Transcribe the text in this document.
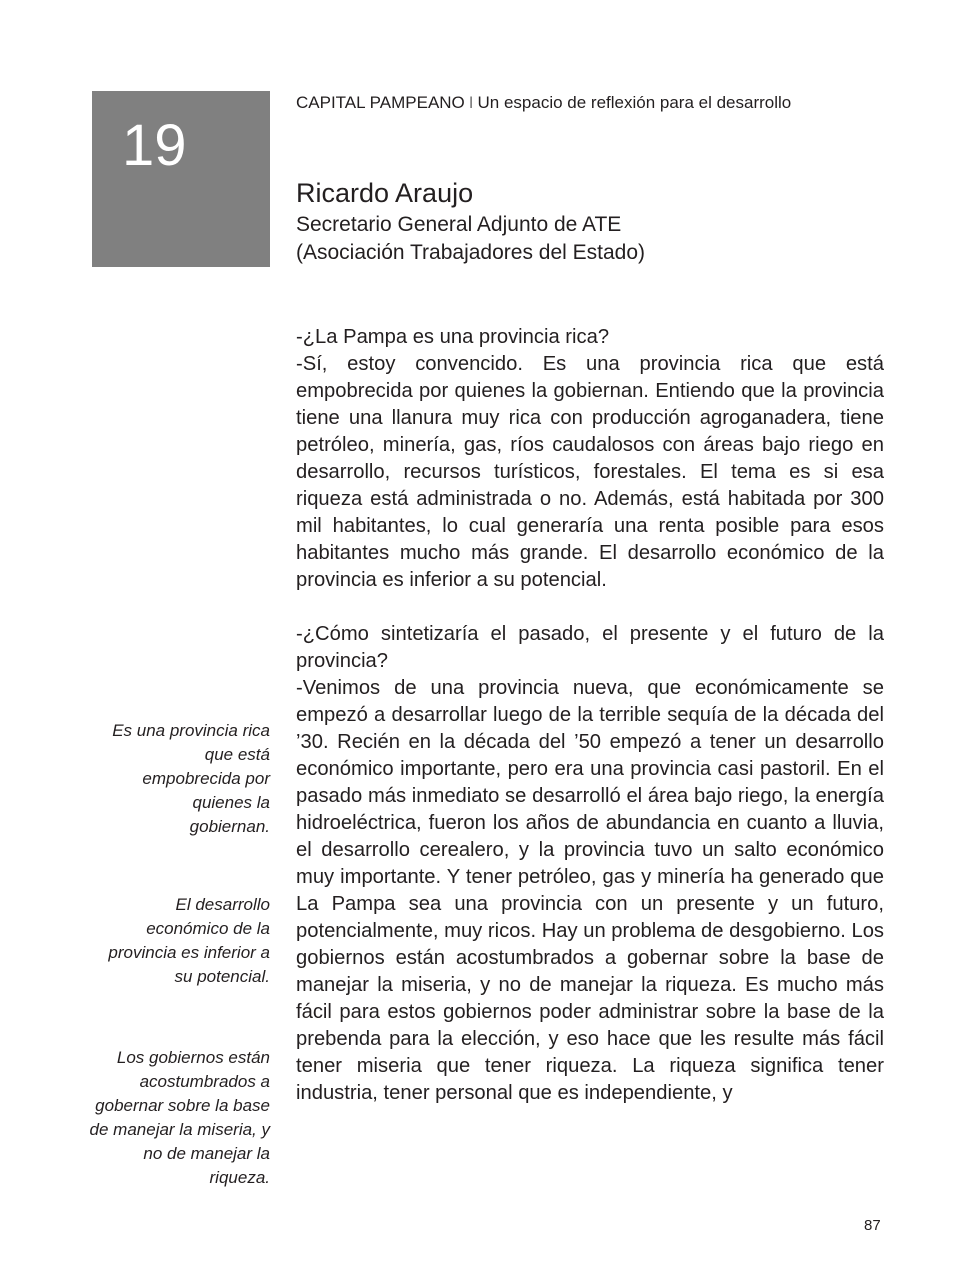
19
CAPITAL PAMPEANO I Un espacio de reflexión para el desarrollo
Ricardo Araujo
Secretario General Adjunto de ATE
(Asociación Trabajadores del Estado)

-¿La Pampa es una provincia rica?

-Sí, estoy convencido. Es una provincia rica que está empobrecida por quienes la gobiernan. Entiendo que la provincia tiene una llanura muy rica con producción agroganadera, tiene petróleo, minería, gas, ríos caudalosos con áreas bajo riego en desarrollo, recursos turísticos, forestales. El tema es si esa riqueza está administrada o no. Además, está habitada por 300 mil habitantes, lo cual generaría una renta posible para esos habitantes mucho más grande. El desarrollo económico de la provincia es inferior a su potencial.

-¿Cómo sintetizaría el pasado, el presente y el futuro de la provincia?

-Venimos de una provincia nueva, que económicamente se empezó a desarrollar luego de la terrible sequía de la década del ’30. Recién en la década del ’50 empezó a tener un desarrollo económico importante, pero era una provincia casi pastoril. En el pasado más inmediato se desarrolló el área bajo riego, la energía hidroeléctrica, fueron los años de abundancia en cuanto a lluvia, el desarrollo cerealero, y la provincia tuvo un salto económico muy importante. Y tener petróleo, gas y minería ha generado que La Pampa sea una provincia con un presente y un futuro, potencialmente, muy ricos. Hay un problema de desgobierno. Los gobiernos están acostumbrados a gobernar sobre la base de manejar la miseria, y no de manejar la riqueza. Es mucho más fácil para estos gobiernos poder administrar sobre la base de la prebenda para la elección, y eso hace que les resulte más fácil tener miseria que tener riqueza. La riqueza significa tener industria, tener personal que es independiente, y

Es una provincia rica que está empobrecida por quienes la gobiernan.
El desarrollo económico de la provincia es inferior a su potencial.
Los gobiernos están acostumbrados a gobernar sobre la base de manejar la miseria, y no de manejar la riqueza.
87
